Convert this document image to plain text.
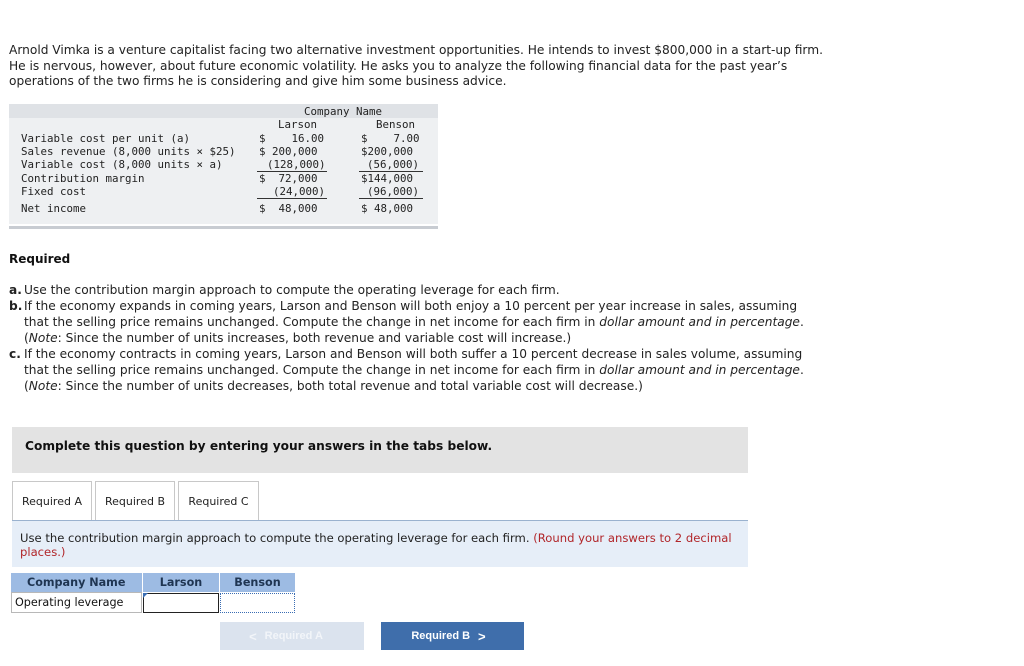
Arnold Vimka is a venture capitalist facing two alternative investment opportunities. He intends to invest $800,000 in a start-up firm. He is nervous, however, about future economic volatility. He asks you to analyze the following financial data for the past year’s operations of the two firms he is considering and give him some business advice.

Company Name
Larson	Benson
Variable cost per unit (a)	$    16.00	$    7.00
Sales revenue (8,000 units × $25) $ 200,000	$200,000
Variable cost (8,000 units × a)	(128,000)	(56,000)
Contribution margin	$  72,000	$144,000
Fixed cost	(24,000)	(96,000)
Net income	$  48,000	$ 48,000
Required
a. Use the contribution margin approach to compute the operating leverage for each firm.
b. If the economy expands in coming years, Larson and Benson will both enjoy a 10 percent per year increase in sales, assuming that the selling price remains unchanged. Compute the change in net income for each firm in dollar amount and in percentage. (Note: Since the number of units increases, both revenue and variable cost will increase.)
c. If the economy contracts in coming years, Larson and Benson will both suffer a 10 percent decrease in sales volume, assuming that the selling price remains unchanged. Compute the change in net income for each firm in dollar amount and in percentage. (Note: Since the number of units decreases, both total revenue and total variable cost will decrease.)
Complete this question by entering your answers in the tabs below.
Required A	Required B	Required C
Use the contribution margin approach to compute the operating leverage for each firm. (Round your answers to 2 decimal places.)
Company Name	Larson	Benson
Operating leverage
< Required A	Required B >
